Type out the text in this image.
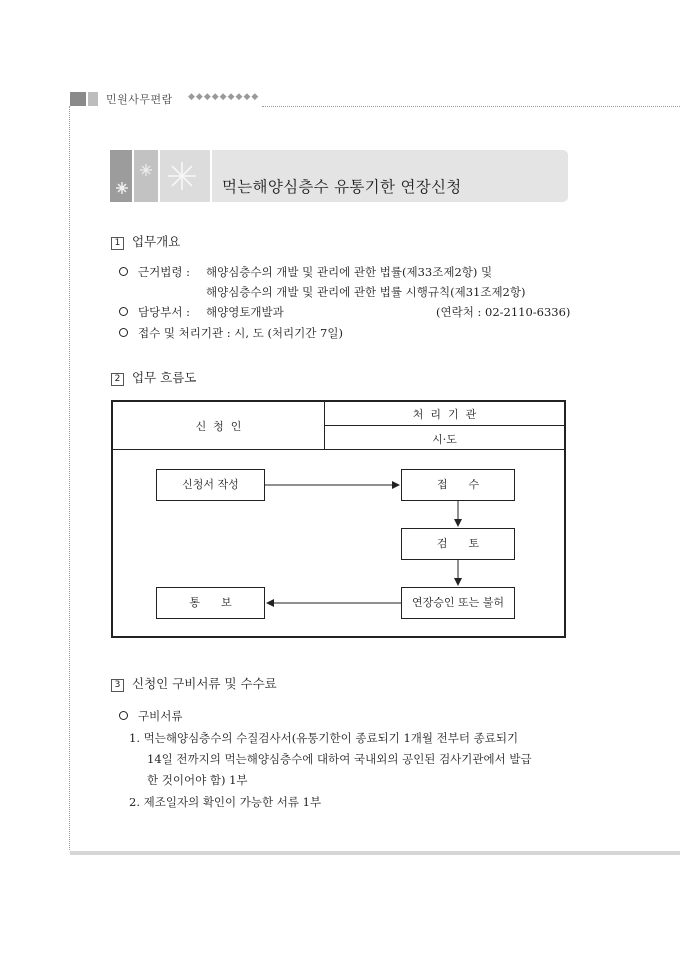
민원사무편람 ◆◆◆◆◆◆◆◆◆
먹는해양심층수 유통기한 연장신청
1 업무개요
근거법령 : 해양심층수의 개발 및 관리에 관한 법률(제33조제2항) 및
해양심층수의 개발 및 관리에 관한 법률 시행규칙(제31조제2항)
담당부서 : 해양영토개발과	(연락처 : 02-2110-6336)
접수 및 처리기관 : 시, 도 (처리기간 7일)
2 업무 흐름도
신  청  인
처  리  기  관
시·도
신청서 작성	접      수
검      토
연장승인 또는 불허
통      보
3 신청인 구비서류 및 수수료
구비서류
1. 먹는해양심층수의 수질검사서(유통기한이 종료되기 1개월 전부터 종료되기
14일 전까지의 먹는해양심층수에 대하여 국내외의 공인된 검사기관에서 발급
한 것이어야 함) 1부
2. 제조일자의 확인이 가능한 서류 1부
